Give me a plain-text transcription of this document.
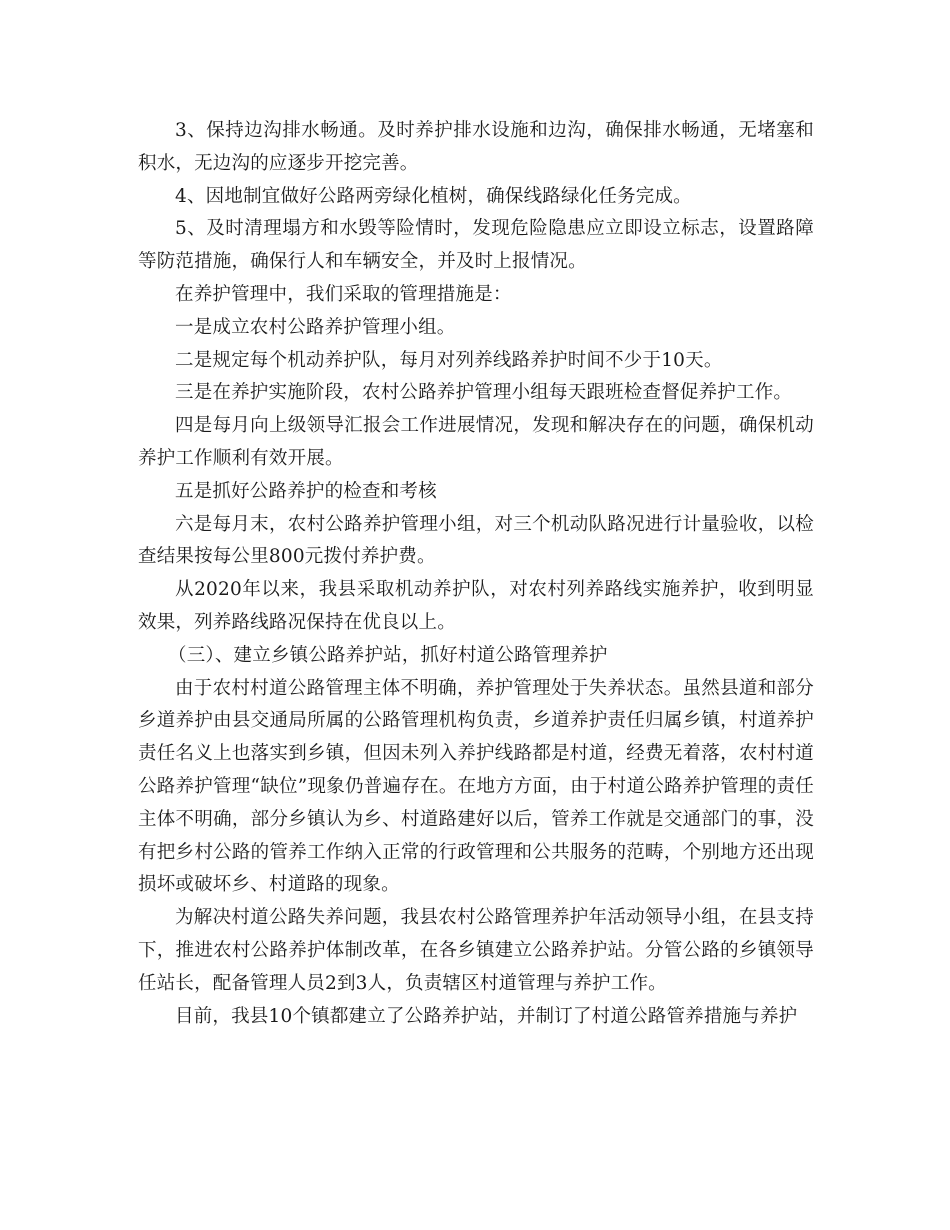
3、保持边沟排水畅通。及时养护排水设施和边沟，确保排水畅通，无堵塞和积水，无边沟的应逐步开挖完善。

4、因地制宜做好公路两旁绿化植树，确保线路绿化任务完成。

5、及时清理塌方和水毁等险情时，发现危险隐患应立即设立标志，设置路障等防范措施，确保行人和车辆安全，并及时上报情况。

在养护管理中，我们采取的管理措施是：

一是成立农村公路养护管理小组。

二是规定每个机动养护队，每月对列养线路养护时间不少于10天。

三是在养护实施阶段，农村公路养护管理小组每天跟班检查督促养护工作。

四是每月向上级领导汇报会工作进展情况，发现和解决存在的问题，确保机动养护工作顺利有效开展。

五是抓好公路养护的检查和考核

六是每月末，农村公路养护管理小组，对三个机动队路况进行计量验收，以检查结果按每公里800元拨付养护费。

从2020年以来，我县采取机动养护队，对农村列养路线实施养护，收到明显效果，列养路线路况保持在优良以上。

（三）、建立乡镇公路养护站，抓好村道公路管理养护

由于农村村道公路管理主体不明确，养护管理处于失养状态。虽然县道和部分乡道养护由县交通局所属的公路管理机构负责，乡道养护责任归属乡镇，村道养护责任名义上也落实到乡镇，但因未列入养护线路都是村道，经费无着落，农村村道公路养护管理“缺位”现象仍普遍存在。在地方方面，由于村道公路养护管理的责任主体不明确，部分乡镇认为乡、村道路建好以后，管养工作就是交通部门的事，没有把乡村公路的管养工作纳入正常的行政管理和公共服务的范畴，个别地方还出现损坏或破坏乡、村道路的现象。

为解决村道公路失养问题，我县农村公路管理养护年活动领导小组，在县支持下，推进农村公路养护体制改革，在各乡镇建立公路养护站。分管公路的乡镇领导任站长，配备管理人员2到3人，负责辖区村道管理与养护工作。

目前，我县10个镇都建立了公路养护站，并制订了村道公路管养措施与养护
